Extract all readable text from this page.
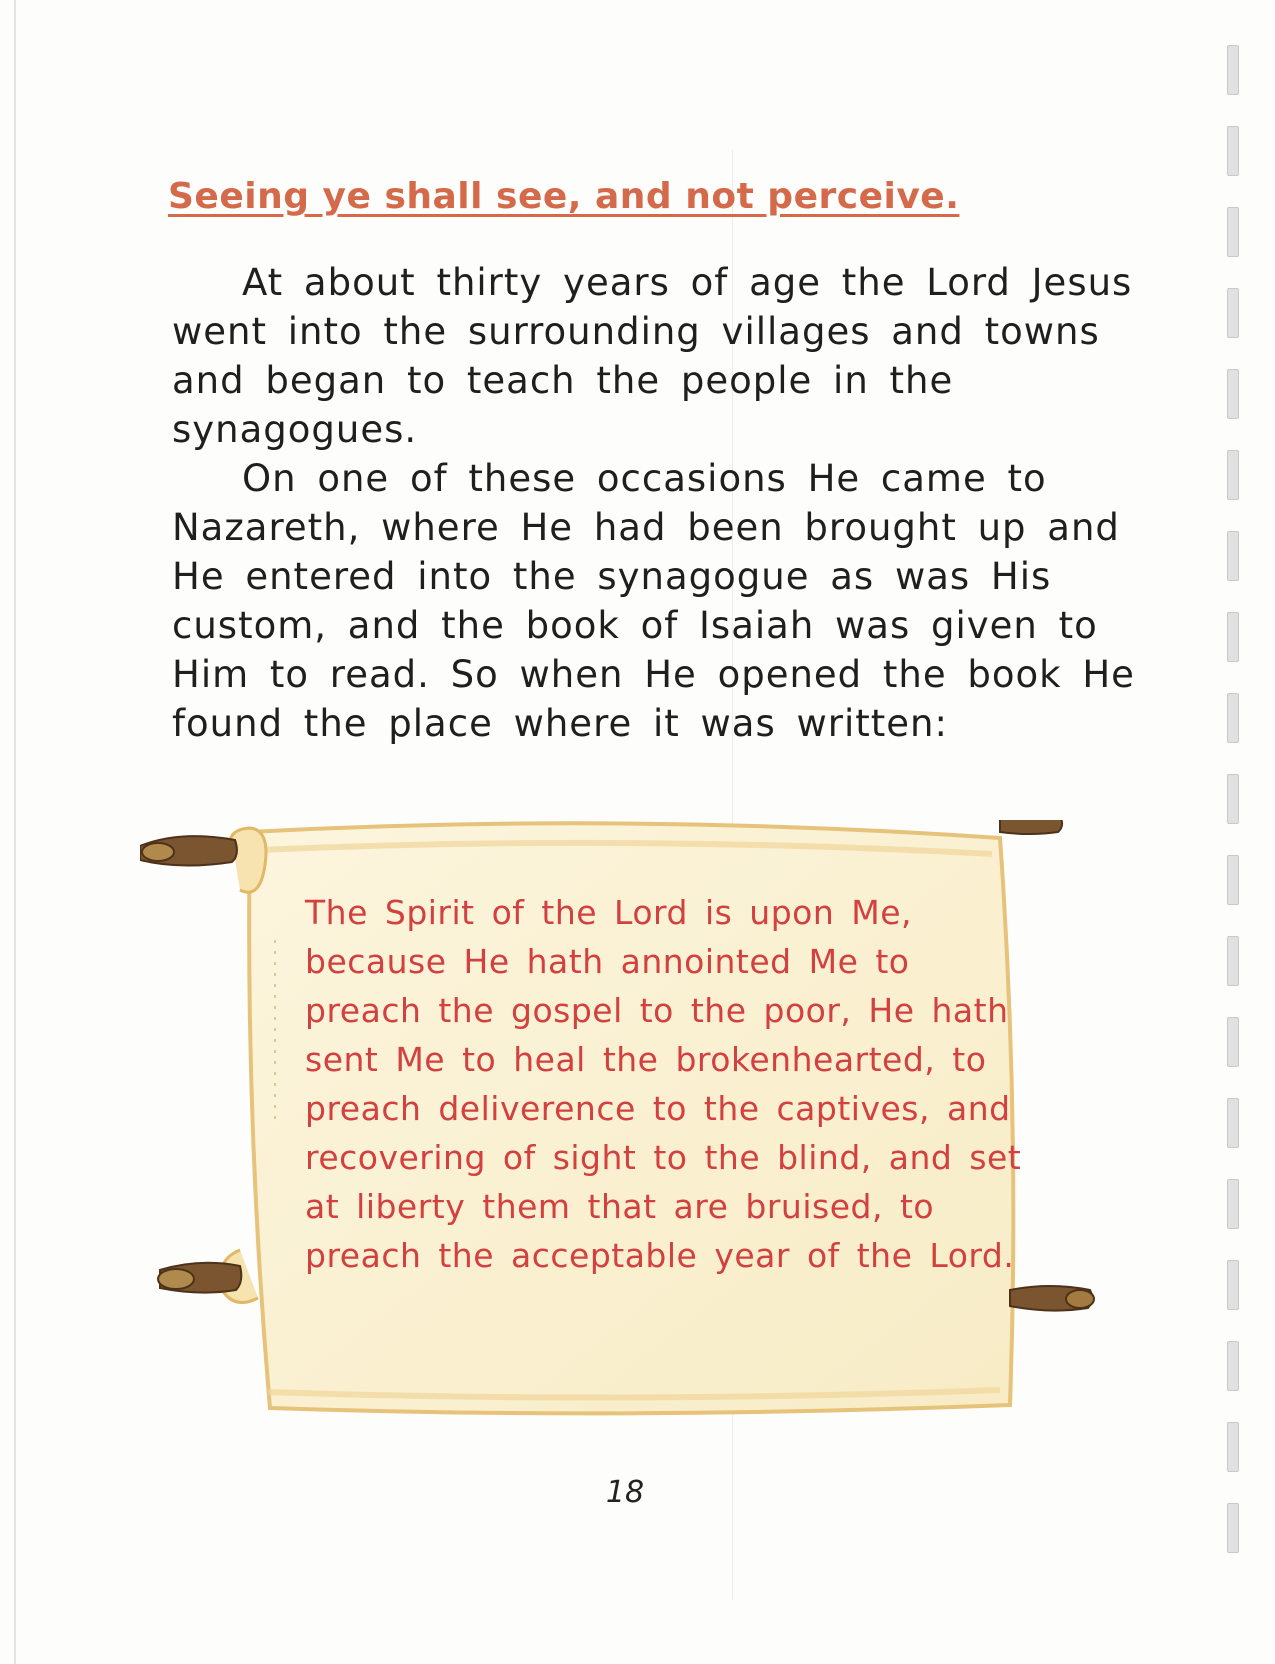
Seeing ye shall see, and not perceive.

At about thirty years of age the Lord Jesus went into the surrounding villages and towns and began to teach the people in the synagogues.

On one of these occasions He came to Nazareth, where He had been brought up and He entered into the synagogue as was His custom, and the book of Isaiah was given to Him to read. So when He opened the book He found the place where it was written:

The Spirit of the Lord is upon Me, because He hath annointed Me to preach the gospel to the poor, He hath sent Me to heal the brokenhearted, to preach deliverence to the captives, and recovering of sight to the blind, and set at liberty them that are bruised, to preach the acceptable year of the Lord.
18
